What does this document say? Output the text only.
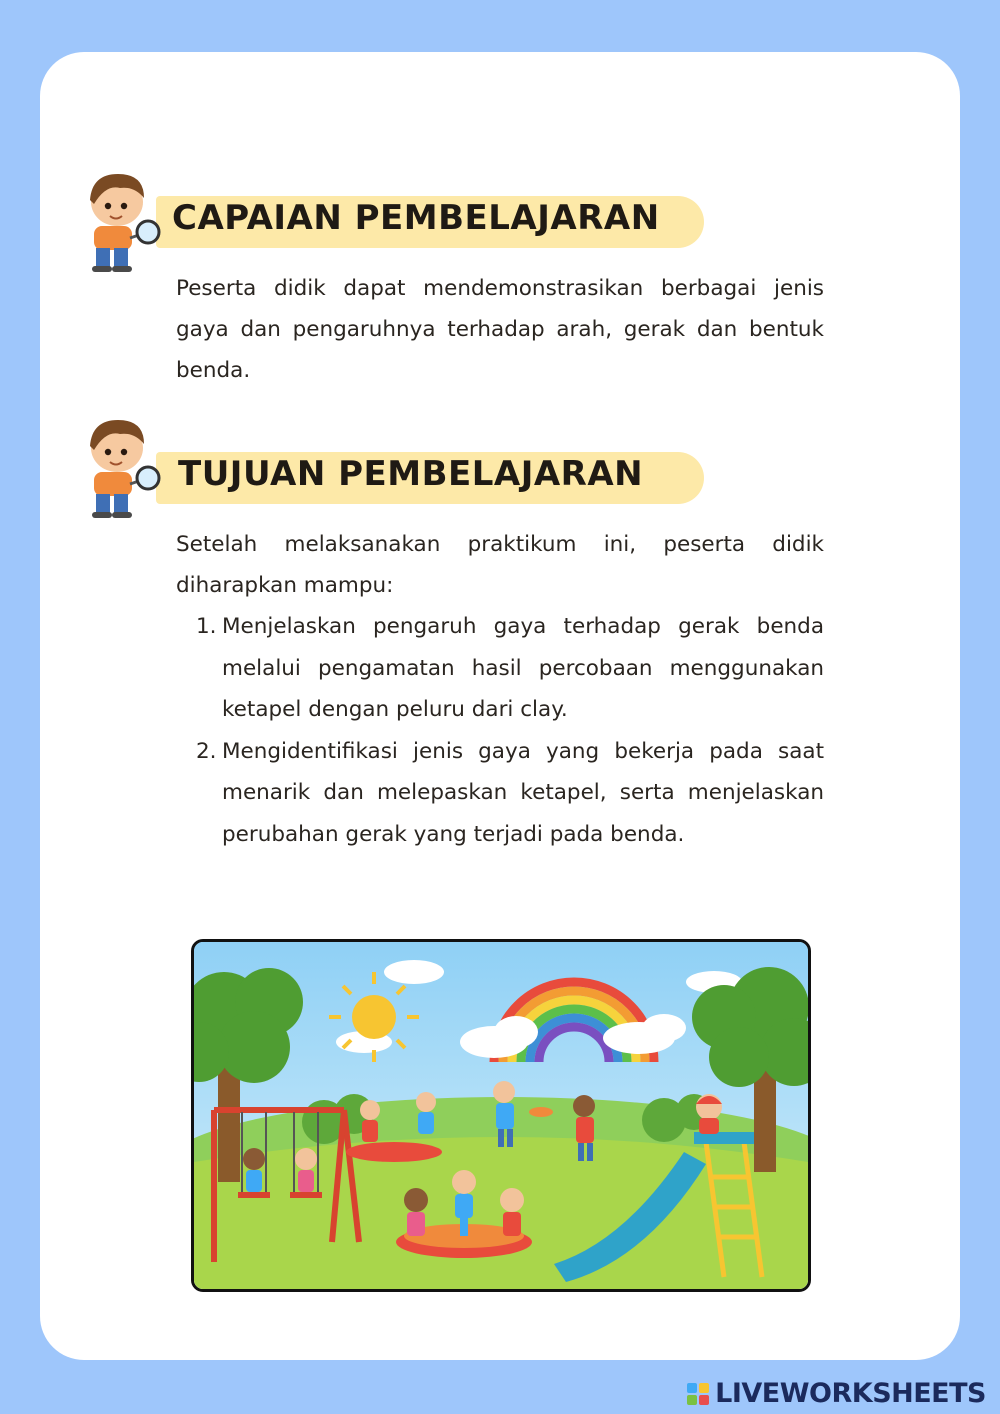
CAPAIAN PEMBELAJARAN

Peserta didik dapat mendemonstrasikan berbagai jenis gaya dan pengaruhnya terhadap arah, gerak dan bentuk benda.

TUJUAN PEMBELAJARAN

Setelah melaksanakan praktikum ini, peserta didik diharapkan mampu:

1. Menjelaskan pengaruh gaya terhadap gerak benda melalui pengamatan hasil percobaan menggunakan ketapel dengan peluru dari clay.
2. Mengidentifikasi jenis gaya yang bekerja pada saat menarik dan melepaskan ketapel, serta menjelaskan perubahan gerak yang terjadi pada benda.
LIVEWORKSHEETS
